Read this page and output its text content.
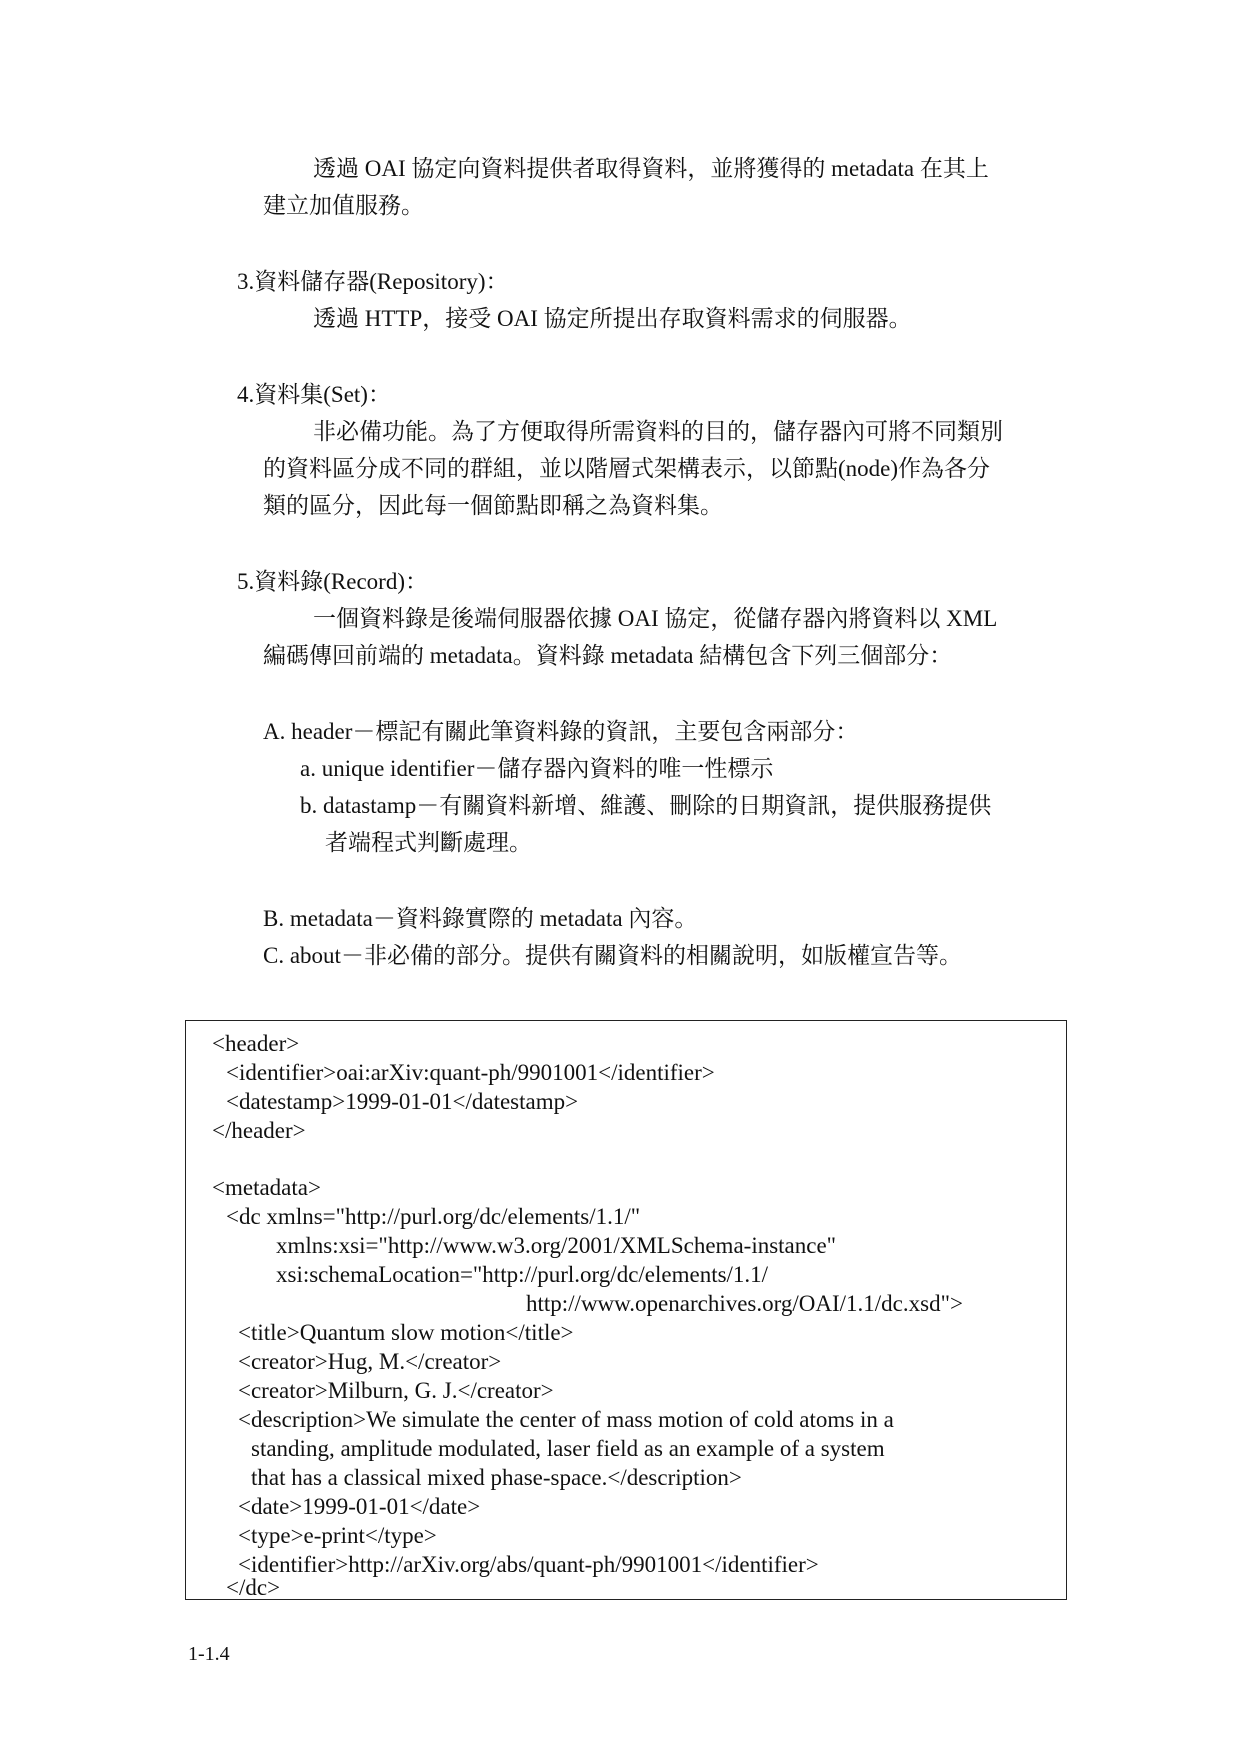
透過 OAI 協定向資料提供者取得資料，並將獲得的 metadata 在其上

建立加值服務。

3.資料儲存器(Repository)：

透過 HTTP，接受 OAI 協定所提出存取資料需求的伺服器。

4.資料集(Set)：

非必備功能。為了方便取得所需資料的目的，儲存器內可將不同類別

的資料區分成不同的群組，並以階層式架構表示，以節點(node)作為各分

類的區分，因此每一個節點即稱之為資料集。

5.資料錄(Record)：

一個資料錄是後端伺服器依據 OAI 協定，從儲存器內將資料以 XML

編碼傳回前端的 metadata。資料錄 metadata 結構包含下列三個部分：

A. header－標記有關此筆資料錄的資訊，主要包含兩部分：

a. unique identifier－儲存器內資料的唯一性標示

b. datastamp－有關資料新增、維護、刪除的日期資訊，提供服務提供

者端程式判斷處理。

B. metadata－資料錄實際的 metadata 內容。

C. about－非必備的部分。提供有關資料的相關說明，如版權宣告等。

<header>

<identifier>oai:arXiv:quant-ph/9901001</identifier>

<datestamp>1999-01-01</datestamp>

</header>

<metadata>

<dc xmlns="http://purl.org/dc/elements/1.1/"

xmlns:xsi="http://www.w3.org/2001/XMLSchema-instance"

xsi:schemaLocation="http://purl.org/dc/elements/1.1/

http://www.openarchives.org/OAI/1.1/dc.xsd">

<title>Quantum slow motion</title>

<creator>Hug, M.</creator>

<creator>Milburn, G. J.</creator>

<description>We simulate the center of mass motion of cold atoms in a

standing, amplitude modulated, laser field as an example of a system

that has a classical mixed phase-space.</description>

<date>1999-01-01</date>

<type>e-print</type>

<identifier>http://arXiv.org/abs/quant-ph/9901001</identifier>

</dc>

1-1.4
